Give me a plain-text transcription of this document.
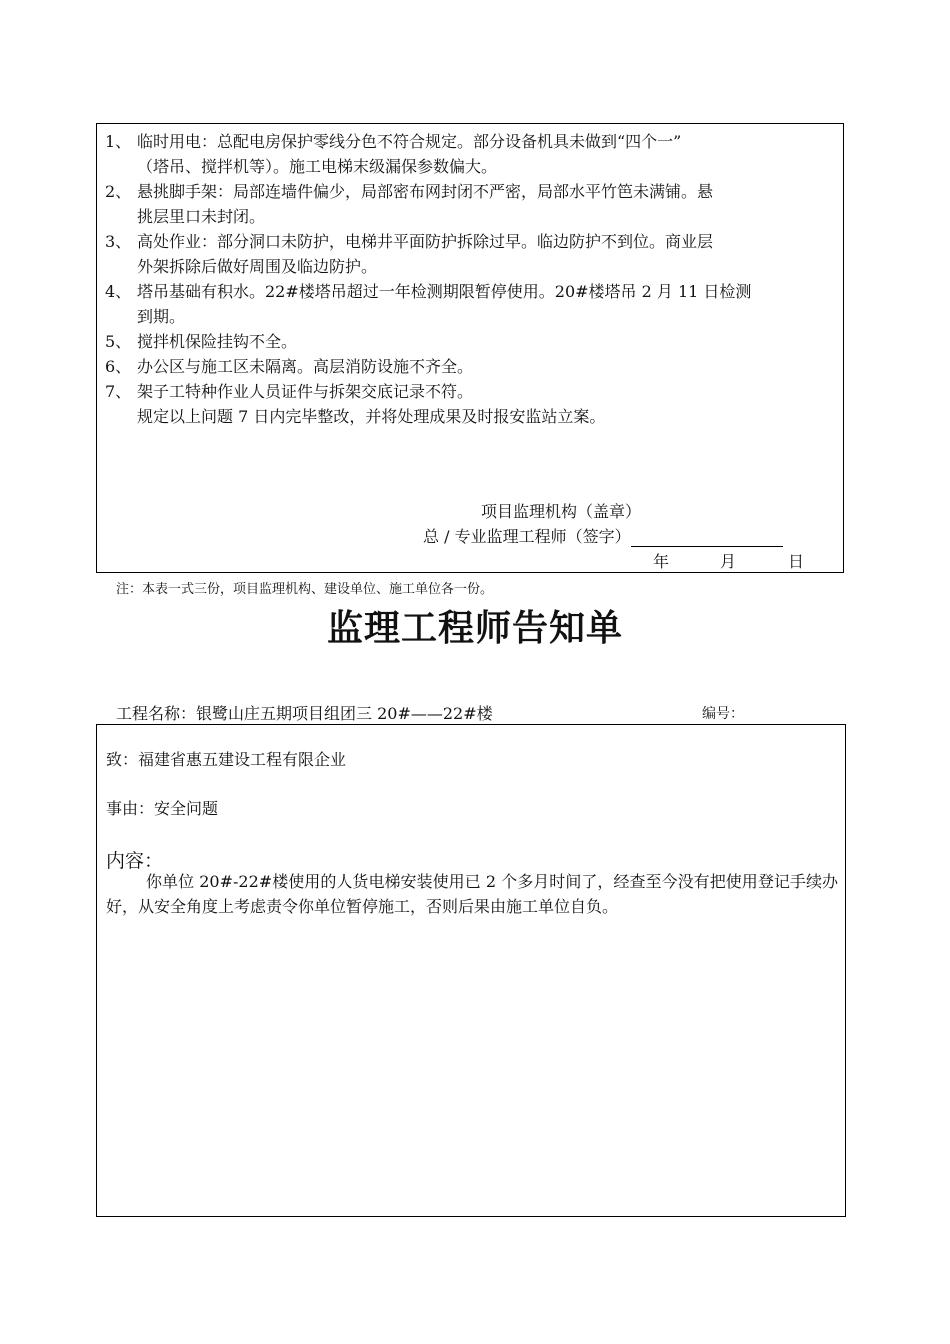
1、 临时用电：总配电房保护零线分色不符合规定。部分设备机具未做到“四个一”
（塔吊、搅拌机等）。施工电梯末级漏保参数偏大。
2、 悬挑脚手架：局部连墙件偏少，局部密布网封闭不严密，局部水平竹笆未满铺。悬
挑层里口未封闭。
3、 高处作业：部分洞口未防护，电梯井平面防护拆除过早。临边防护不到位。商业层
外架拆除后做好周围及临边防护。
4、 塔吊基础有积水。22#楼塔吊超过一年检测期限暂停使用。20#楼塔吊 2 月 11 日检测
到期。
5、 搅拌机保险挂钩不全。
6、 办公区与施工区未隔离。高层消防设施不齐全。
7、 架子工特种作业人员证件与拆架交底记录不符。
规定以上问题 7 日内完毕整改，并将处理成果及时报安监站立案。
项目监理机构（盖章）
总 / 专业监理工程师（签字）
年	月	日
注：本表一式三份，项目监理机构、建设单位、施工单位各一份。
监理工程师告知单
工程名称：银鹭山庄五期项目组团三 20#——22#楼	编号：
致：福建省惠五建设工程有限企业
事由：安全问题
内容：
你单位 20#-22#楼使用的人货电梯安装使用已 2 个多月时间了，经查至今没有把使用登记手续办好，从安全角度上考虑责令你单位暂停施工，否则后果由施工单位自负。
